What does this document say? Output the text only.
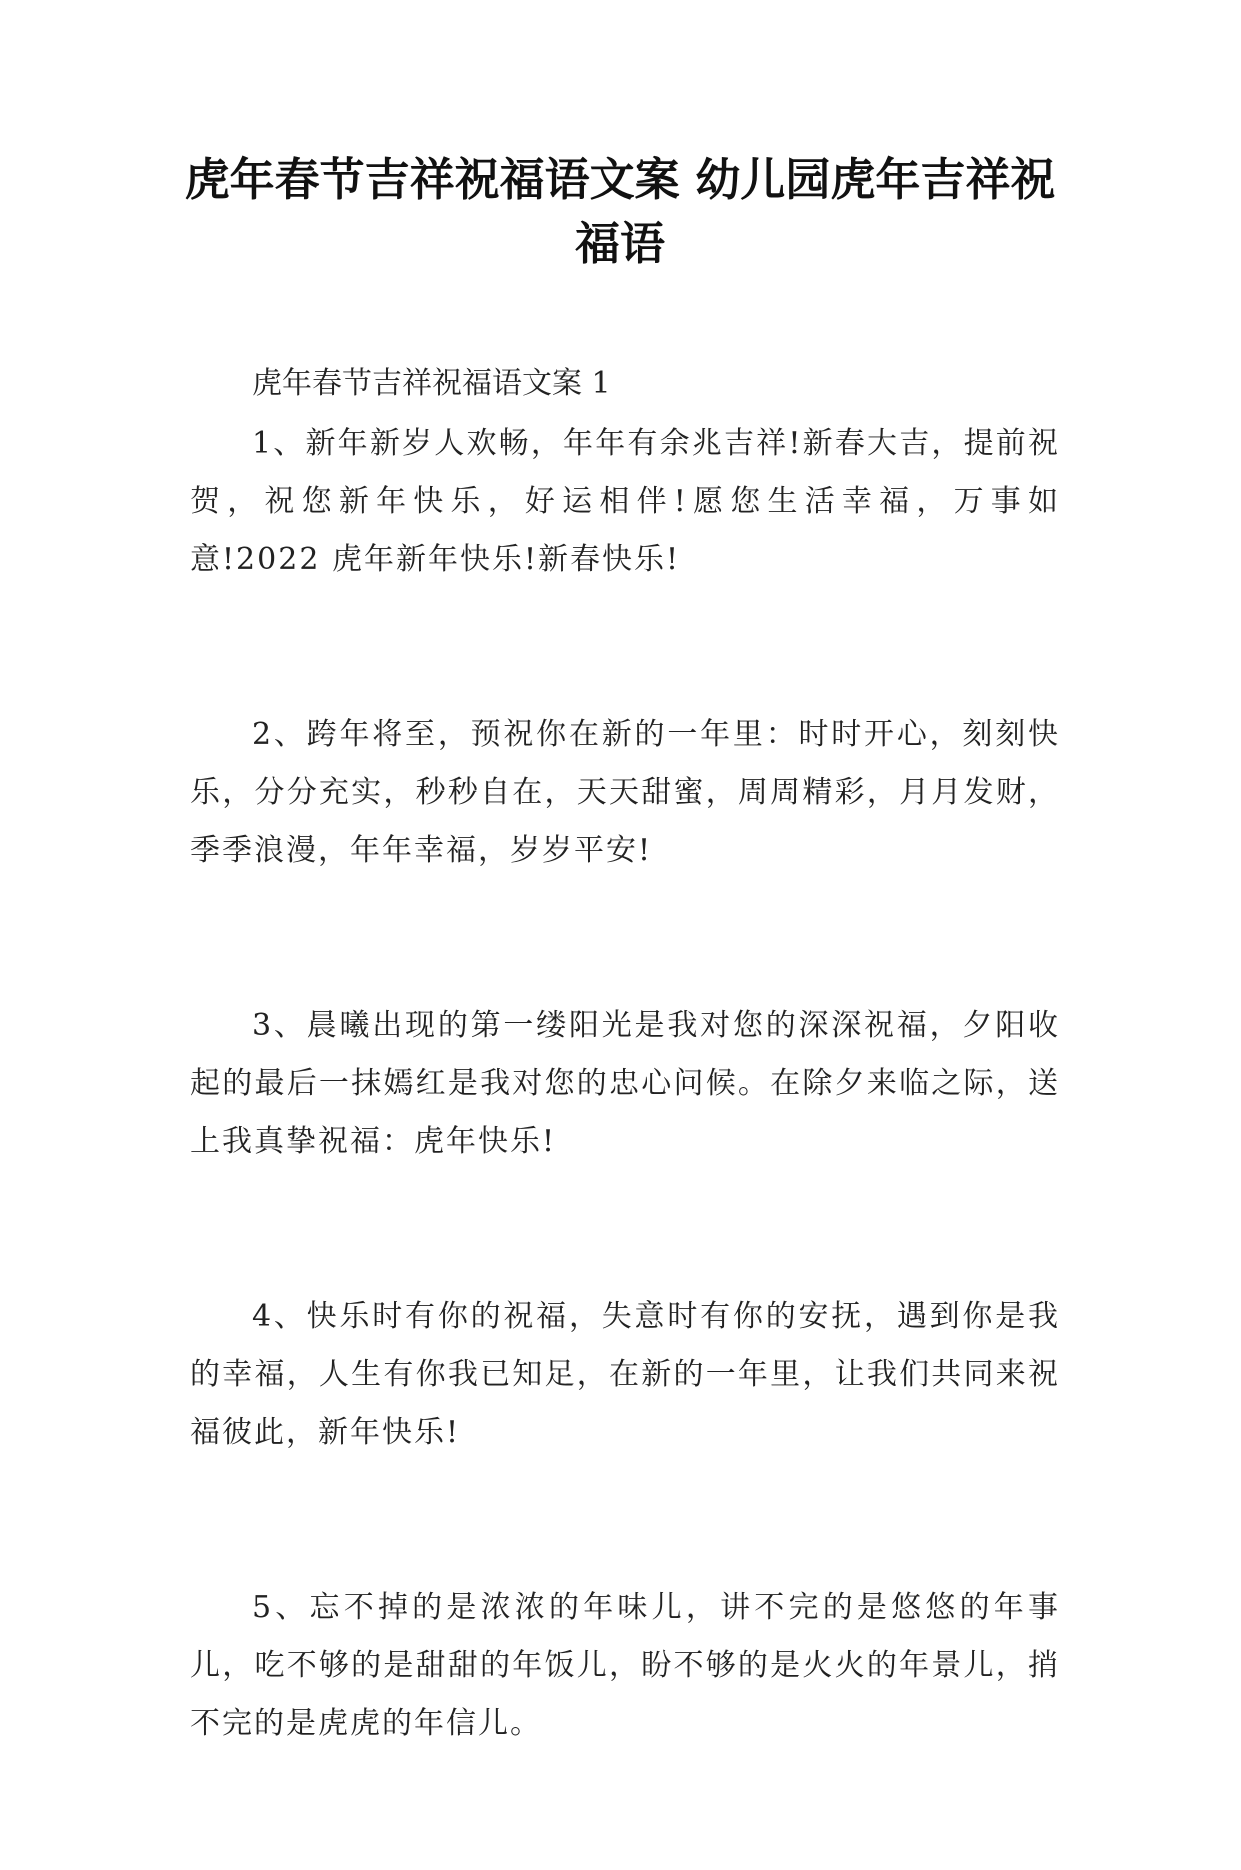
虎年春节吉祥祝福语文案 幼儿园虎年吉祥祝福语
虎年春节吉祥祝福语文案 1

1、新年新岁人欢畅，年年有余兆吉祥!新春大吉，提前祝贺，祝您新年快乐，好运相伴!愿您生活幸福，万事如意!2022 虎年新年快乐!新春快乐!

2、跨年将至，预祝你在新的一年里：时时开心，刻刻快乐，分分充实，秒秒自在，天天甜蜜，周周精彩，月月发财，季季浪漫，年年幸福，岁岁平安!

3、晨曦出现的第一缕阳光是我对您的深深祝福，夕阳收起的最后一抹嫣红是我对您的忠心问候。在除夕来临之际，送上我真挚祝福：虎年快乐!

4、快乐时有你的祝福，失意时有你的安抚，遇到你是我的幸福，人生有你我已知足，在新的一年里，让我们共同来祝福彼此，新年快乐!

5、忘不掉的是浓浓的年味儿，讲不完的是悠悠的年事儿，吃不够的是甜甜的年饭儿，盼不够的是火火的年景儿，捎不完的是虎虎的年信儿。
